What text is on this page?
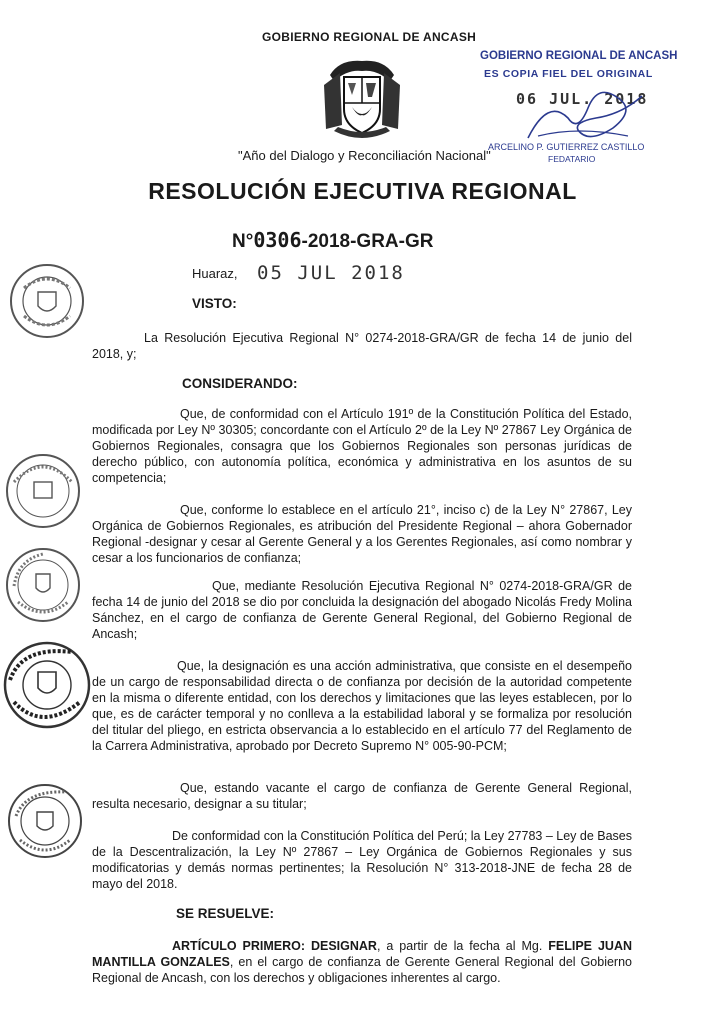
GOBIERNO REGIONAL DE ANCASH
"Año del Dialogo y Reconciliación Nacional"
GOBIERNO REGIONAL DE ANCASH
ES COPIA FIEL DEL ORIGINAL
06 JUL. 2018
ARCELINO P. GUTIERREZ CASTILLO
FEDATARIO
RESOLUCIÓN EJECUTIVA REGIONAL
N°0306-2018-GRA-GR
Huaraz, 05 JUL 2018
VISTO:
La Resolución Ejecutiva Regional N° 0274-2018-GRA/GR de fecha 14 de junio del 2018, y;
CONSIDERANDO:
Que, de conformidad con el Artículo 191º de la Constitución Política del Estado, modificada por Ley Nº 30305; concordante con el Artículo 2º de la Ley Nº 27867 Ley Orgánica de Gobiernos Regionales, consagra que los Gobiernos Regionales son personas jurídicas de derecho público, con autonomía política, económica y administrativa en los asuntos de su competencia;
Que, conforme lo establece en el artículo 21°, inciso c) de la Ley N° 27867, Ley Orgánica de Gobiernos Regionales, es atribución del Presidente Regional – ahora Gobernador Regional -designar y cesar al Gerente General y a los Gerentes Regionales, así como nombrar y cesar a los funcionarios de confianza;
Que, mediante Resolución Ejecutiva Regional N° 0274-2018-GRA/GR de fecha 14 de junio del 2018 se dio por concluida la designación del abogado Nicolás Fredy Molina Sánchez, en el cargo de confianza de Gerente General Regional, del Gobierno Regional de Ancash;
Que, la designación es una acción administrativa, que consiste en el desempeño de un cargo de responsabilidad directa o de confianza por decisión de la autoridad competente en la misma o diferente entidad, con los derechos y limitaciones que las leyes establecen, por lo que, es de carácter temporal y no conlleva a la estabilidad laboral y se formaliza por resolución del titular del pliego, en estricta observancia a lo establecido en el artículo 77 del Reglamento de la Carrera Administrativa, aprobado por Decreto Supremo N° 005-90-PCM;
Que, estando vacante el cargo de confianza de Gerente General Regional, resulta necesario, designar a su titular;
De conformidad con la Constitución Política del Perú; la Ley 27783 – Ley de Bases de la Descentralización, la Ley Nº 27867 – Ley Orgánica de Gobiernos Regionales y sus modificatorias y demás normas pertinentes; la Resolución N° 313-2018-JNE de fecha 28 de mayo del 2018.
SE RESUELVE:
ARTÍCULO PRIMERO: DESIGNAR, a partir de la fecha al Mg. FELIPE JUAN MANTILLA GONZALES, en el cargo de confianza de Gerente General Regional del Gobierno Regional de Ancash, con los derechos y obligaciones inherentes al cargo.
